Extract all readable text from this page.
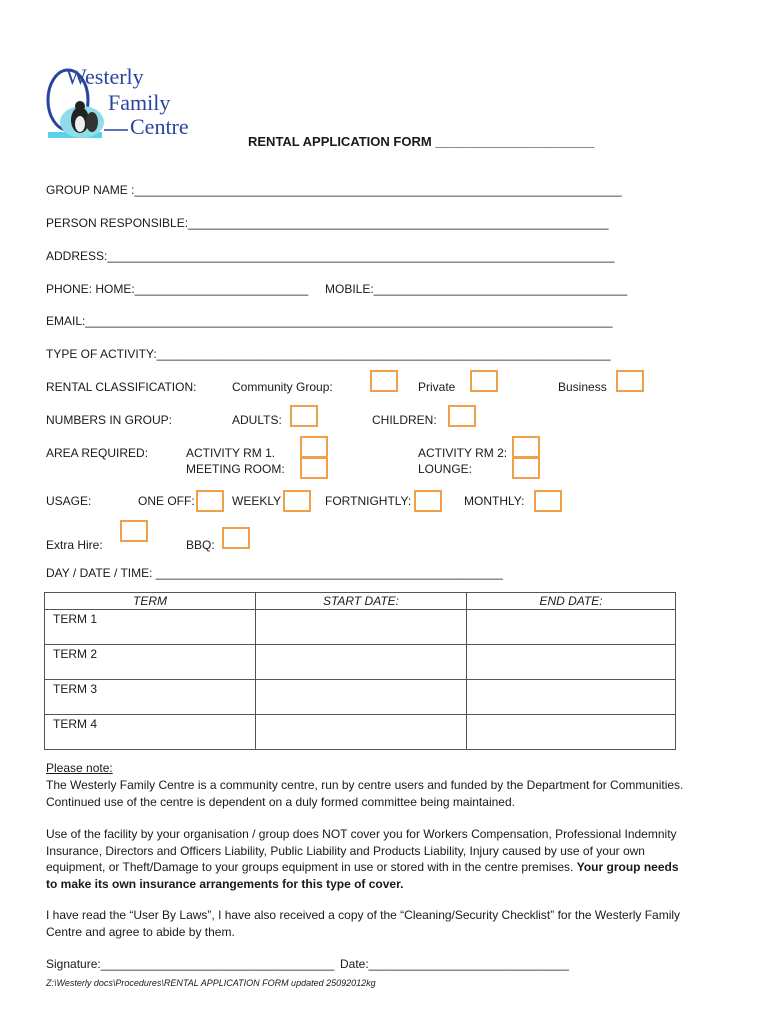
Westerly
Family
Centre
RENTAL APPLICATION FORM ______________________
GROUP NAME :_________________________________________________________________________
PERSON RESPONSIBLE:_______________________________________________________________
ADDRESS:____________________________________________________________________________
PHONE: HOME:__________________________ MOBILE:______________________________________
EMAIL:_______________________________________________________________________________
TYPE OF ACTIVITY:____________________________________________________________________
RENTAL CLASSIFICATION:	Community Group:	Private	Business
NUMBERS IN GROUP:	ADULTS:	CHILDREN:
AREA REQUIRED:	ACTIVITY RM 1.
MEETING ROOM:
ACTIVITY RM 2:
LOUNGE:
USAGE:	ONE OFF:	WEEKLY	FORTNIGHTLY:	MONTHLY:
Extra Hire:	BBQ:
DAY / DATE / TIME: ____________________________________________________
TERM	START DATE:	END DATE:
TERM 1		
TERM 2		
TERM 3		
TERM 4		
Please note:
The Westerly Family Centre is a community centre, run by centre users and funded by the Department for Communities. Continued use of the centre is dependent on a duly formed committee being maintained.
Use of the facility by your organisation / group does NOT cover you for Workers Compensation, Professional Indemnity Insurance, Directors and Officers Liability, Public Liability and Products Liability, Injury caused by use of your own equipment, or Theft/Damage to your groups equipment in use or stored with in the centre premises. Your group needs to make its own insurance arrangements for this type of cover.
I have read the “User By Laws”, I have also received a copy of the “Cleaning/Security Checklist” for the Westerly Family Centre and agree to abide by them.
Signature:___________________________________ Date:______________________________
Z:\Westerly docs\Procedures\RENTAL APPLICATION FORM updated 25092012kg
